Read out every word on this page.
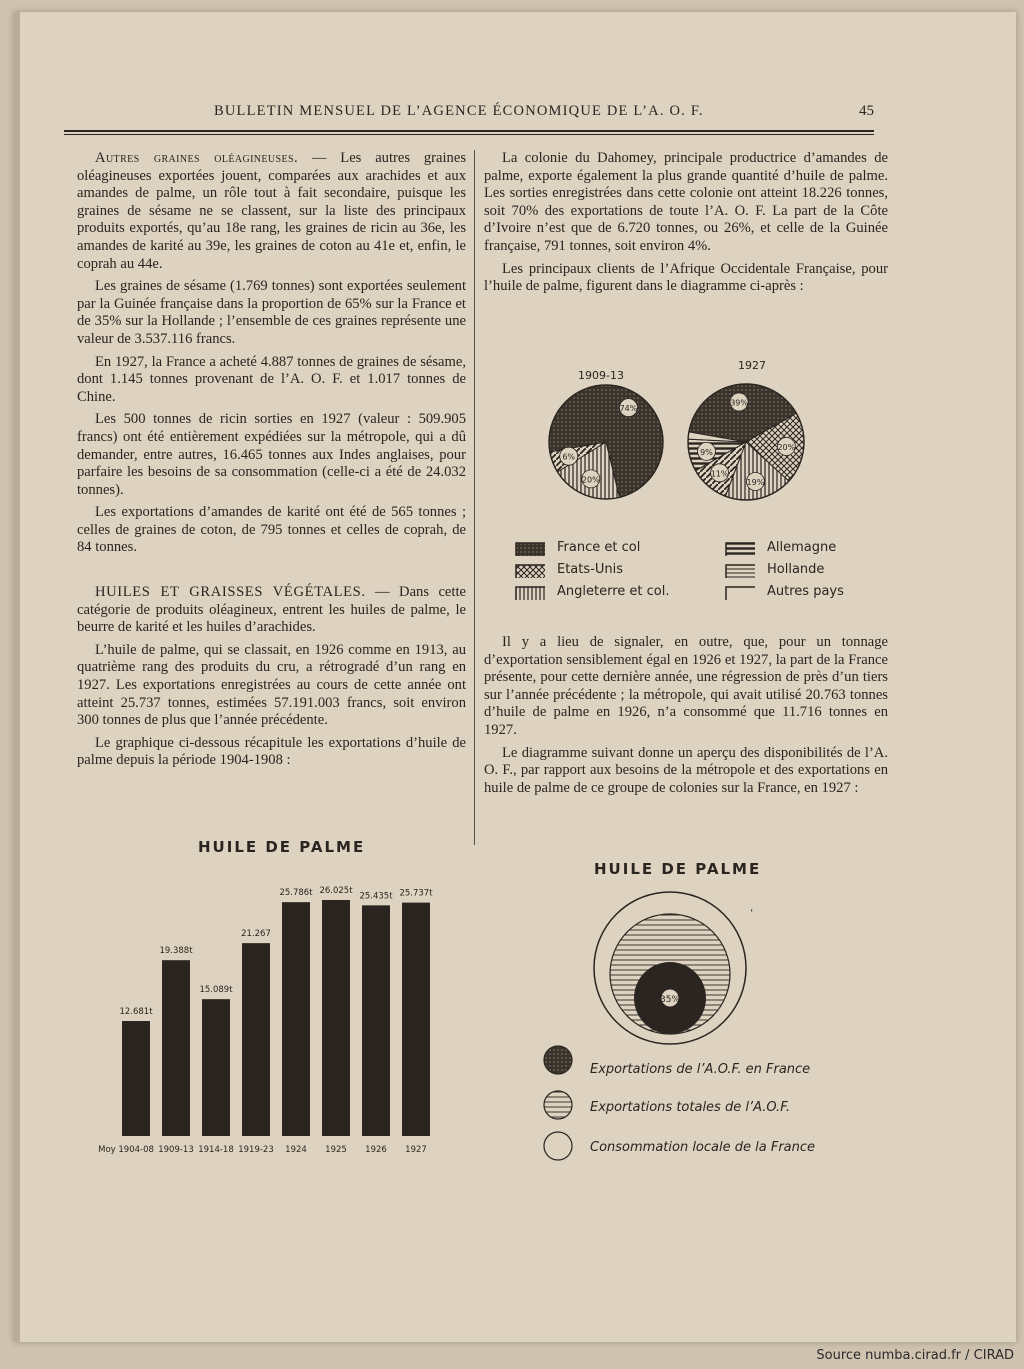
BULLETIN MENSUEL DE L’AGENCE ÉCONOMIQUE DE L’A. O. F.	45

Autres graines oléagineuses. — Les autres graines oléagineuses exportées jouent, comparées aux arachides et aux amandes de palme, un rôle tout à fait secondaire, puisque les graines de sésame ne se classent, sur la liste des principaux produits exportés, qu’au 18e rang, les graines de ricin au 36e, les amandes de karité au 39e, les graines de coton au 41e et, enfin, le coprah au 44e.

Les graines de sésame (1.769 tonnes) sont exportées seulement par la Guinée française dans la proportion de 65% sur la France et de 35% sur la Hollande ; l’ensemble de ces graines représente une valeur de 3.537.116 francs.

En 1927, la France a acheté 4.887 tonnes de graines de sésame, dont 1.145 tonnes provenant de l’A. O. F. et 1.017 tonnes de Chine.

Les 500 tonnes de ricin sorties en 1927 (valeur : 509.905 francs) ont été entièrement expédiées sur la métropole, qui a dû demander, entre autres, 16.465 tonnes aux Indes anglaises, pour parfaire les besoins de sa consommation (celle-ci a été de 24.032 tonnes).

Les exportations d’amandes de karité ont été de 565 tonnes ; celles de graines de coton, de 795 tonnes et celles de coprah, de 84 tonnes.

HUILES ET GRAISSES VÉGÉTALES. — Dans cette catégorie de produits oléagineux, entrent les huiles de palme, le beurre de karité et les huiles d’arachides.

L’huile de palme, qui se classait, en 1926 comme en 1913, au quatrième rang des produits du cru, a rétrogradé d’un rang en 1927. Les exportations enregistrées au cours de cette année ont atteint 25.737 tonnes, estimées 57.191.003 francs, soit environ 300 tonnes de plus que l’année précédente.

Le graphique ci-dessous récapitule les exportations d’huile de palme depuis la période 1904-1908 :

La colonie du Dahomey, principale productrice d’amandes de palme, exporte également la plus grande quantité d’huile de palme. Les sorties enregistrées dans cette colonie ont atteint 18.226 tonnes, soit 70% des exportations de toute l’A. O. F. La part de la Côte d’Ivoire n’est que de 6.720 tonnes, ou 26%, et celle de la Guinée française, 791 tonnes, soit environ 4%.

Les principaux clients de l’Afrique Occidentale Française, pour l’huile de palme, figurent dans le diagramme ci-après :

Il y a lieu de signaler, en outre, que, pour un tonnage d’exportation sensiblement égal en 1926 et 1927, la part de la France présente, pour cette dernière année, une régression de près d’un tiers sur l’année précédente ; la métropole, qui avait utilisé 20.763 tonnes d’huile de palme en 1926, n’a consommé que 11.716 tonnes en 1927.

Le diagramme suivant donne un aperçu des disponibilités de l’A. O. F., par rapport aux besoins de la métropole et des exportations en huile de palme de ce groupe de colonies sur la France, en 1927 :

HUILE DE PALME
12.681t
Moy 1904-08
19.388t
1909-13
15.089t
1914-18
21.267
1919-23
25.786t
1924
26.025t
1925
25.435t
1926
25.737t
1927
1909-13
1927
74%
20%
6%
39%
20%
19%
11%
9%
France et col
Etats-Unis
Angleterre et col.
Allemagne
Hollande
Autres pays
HUILE DE PALME
35%
‘
Exportations de l’A.O.F. en France
Exportations totales de l’A.O.F.
Consommation locale de la France
Source numba.cirad.fr / CIRAD
